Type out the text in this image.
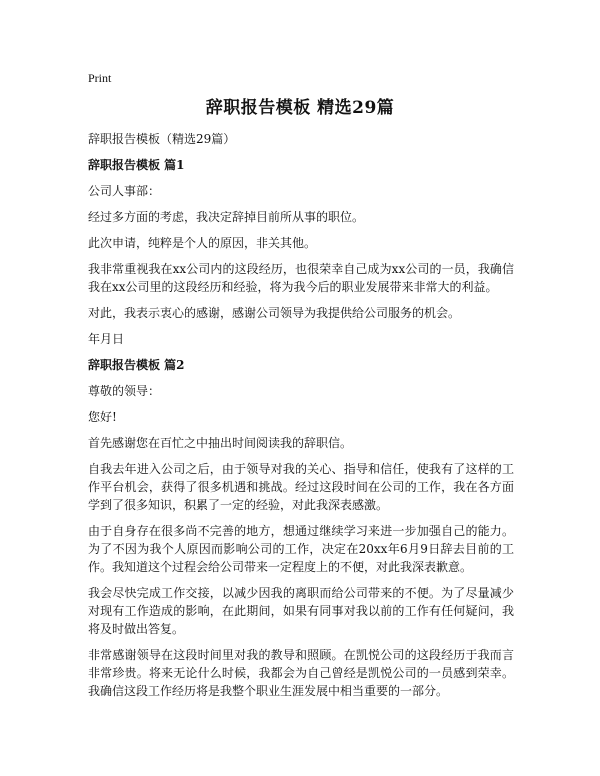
Print
辞职报告模板 精选29篇

辞职报告模板（精选29篇）

辞职报告模板 篇1

公司人事部：

经过多方面的考虑，我决定辞掉目前所从事的职位。

此次申请，纯粹是个人的原因，非关其他。

我非常重视我在xx公司内的这段经历，也很荣幸自己成为xx公司的一员，我确信我在xx公司里的这段经历和经验，将为我今后的职业发展带来非常大的利益。

对此，我表示衷心的感谢，感谢公司领导为我提供给公司服务的机会。

年月日

辞职报告模板 篇2

尊敬的领导：

您好!

首先感谢您在百忙之中抽出时间阅读我的辞职信。

自我去年进入公司之后，由于领导对我的关心、指导和信任，使我有了这样的工作平台机会，获得了很多机遇和挑战。经过这段时间在公司的工作，我在各方面学到了很多知识，积累了一定的经验，对此我深表感激。

由于自身存在很多尚不完善的地方，想通过继续学习来进一步加强自己的能力。为了不因为我个人原因而影响公司的工作，决定在20xx年6月9日辞去目前的工作。我知道这个过程会给公司带来一定程度上的不便，对此我深表歉意。

我会尽快完成工作交接，以减少因我的离职而给公司带来的不便。为了尽量减少对现有工作造成的影响，在此期间，如果有同事对我以前的工作有任何疑问，我将及时做出答复。

非常感谢领导在这段时间里对我的教导和照顾。在凯悦公司的这段经历于我而言非常珍贵。将来无论什么时候，我都会为自己曾经是凯悦公司的一员感到荣幸。我确信这段工作经历将是我整个职业生涯发展中相当重要的一部分。
